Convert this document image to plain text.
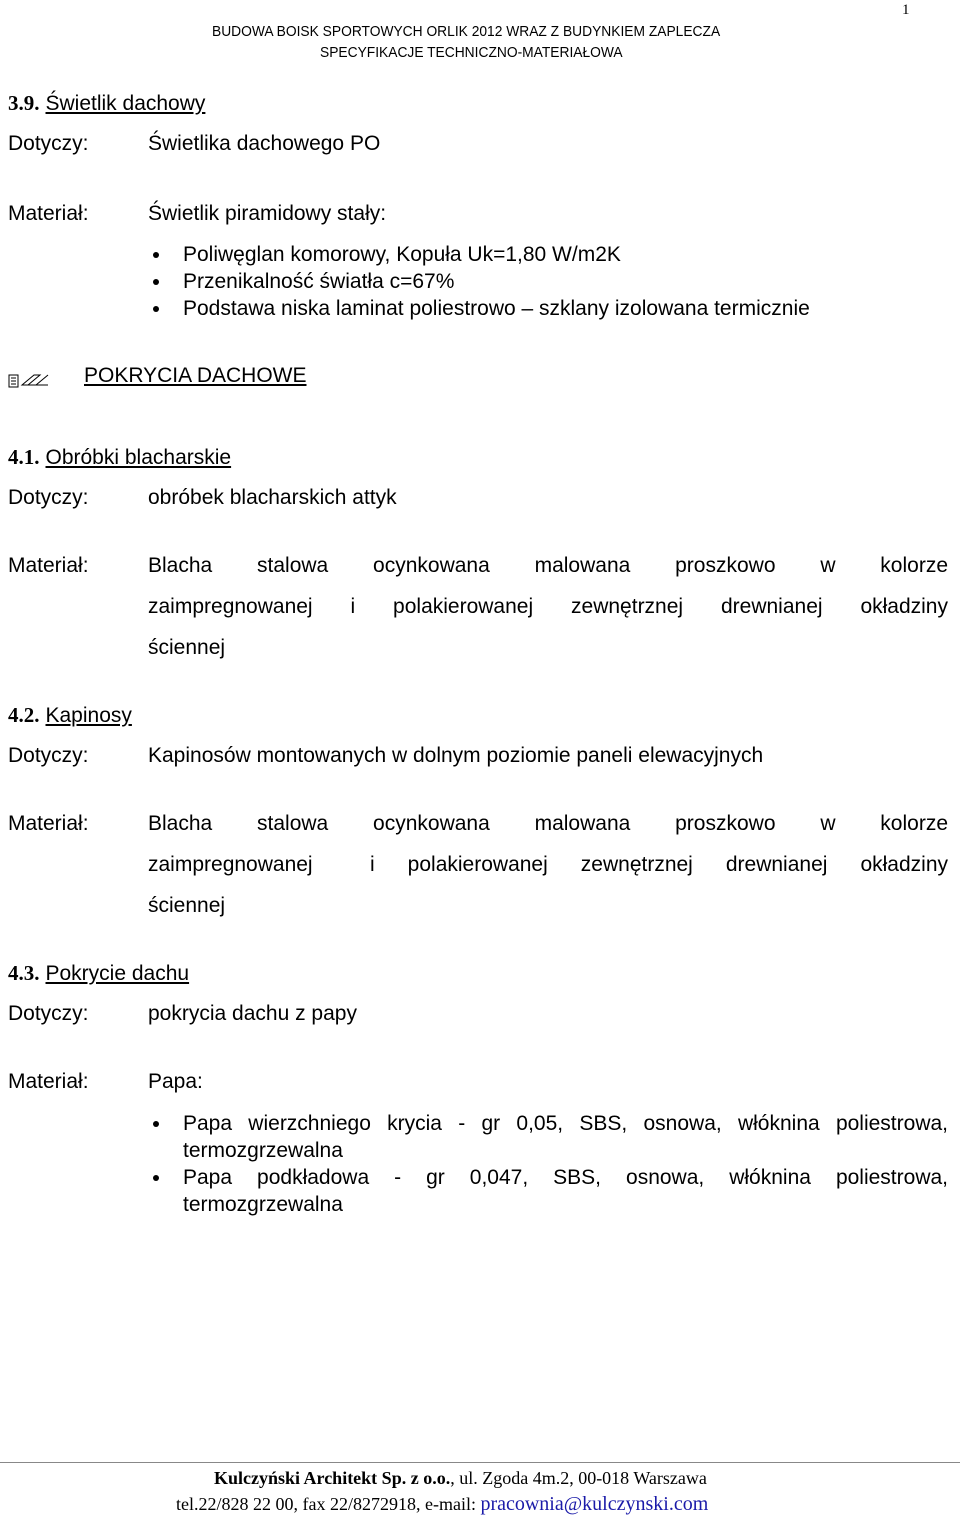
1
BUDOWA BOISK SPORTOWYCH ORLIK 2012 WRAZ Z BUDYNKIEM ZAPLECZA
SPECYFIKACJE TECHNICZNO-MATERIAŁOWA
3.9. Świetlik dachowy
Dotyczy:	Świetlika dachowego PO
Materiał:	Świetlik piramidowy stały:
Poliwęglan komorowy, Kopuła Uk=1,80 W/m2K
Przenikalność światła c=67%
Podstawa niska laminat poliestrowo – szklany izolowana termicznie
POKRYCIA DACHOWE
4.1. Obróbki blacharskie
Dotyczy:	obróbek blacharskich attyk
Materiał:	Blacha stalowa ocynkowana malowana proszkowo w kolorze
zaimpregnowanej i polakierowanej zewnętrznej drewnianej okładziny
ściennej
4.2. Kapinosy
Dotyczy:	Kapinosów montowanych w dolnym poziomie paneli elewacyjnych
Materiał:	Blacha stalowa ocynkowana malowana proszkowo w kolorze
zaimpregnowanej	i polakierowanej zewnętrznej drewnianej okładziny
ściennej
4.3. Pokrycie dachu
Dotyczy:	pokrycia dachu z papy
Materiał:	Papa:
Papa wierzchniego krycia - gr 0,05, SBS, osnowa, włóknina poliestrowa, termozgrzewalna
Papa podkładowa - gr 0,047, SBS, osnowa, włóknina poliestrowa, termozgrzewalna
Kulczyński Architekt Sp. z o.o., ul. Zgoda 4m.2, 00-018 Warszawa
tel.22/828 22 00, fax 22/8272918, e-mail: pracownia@kulczynski.com
